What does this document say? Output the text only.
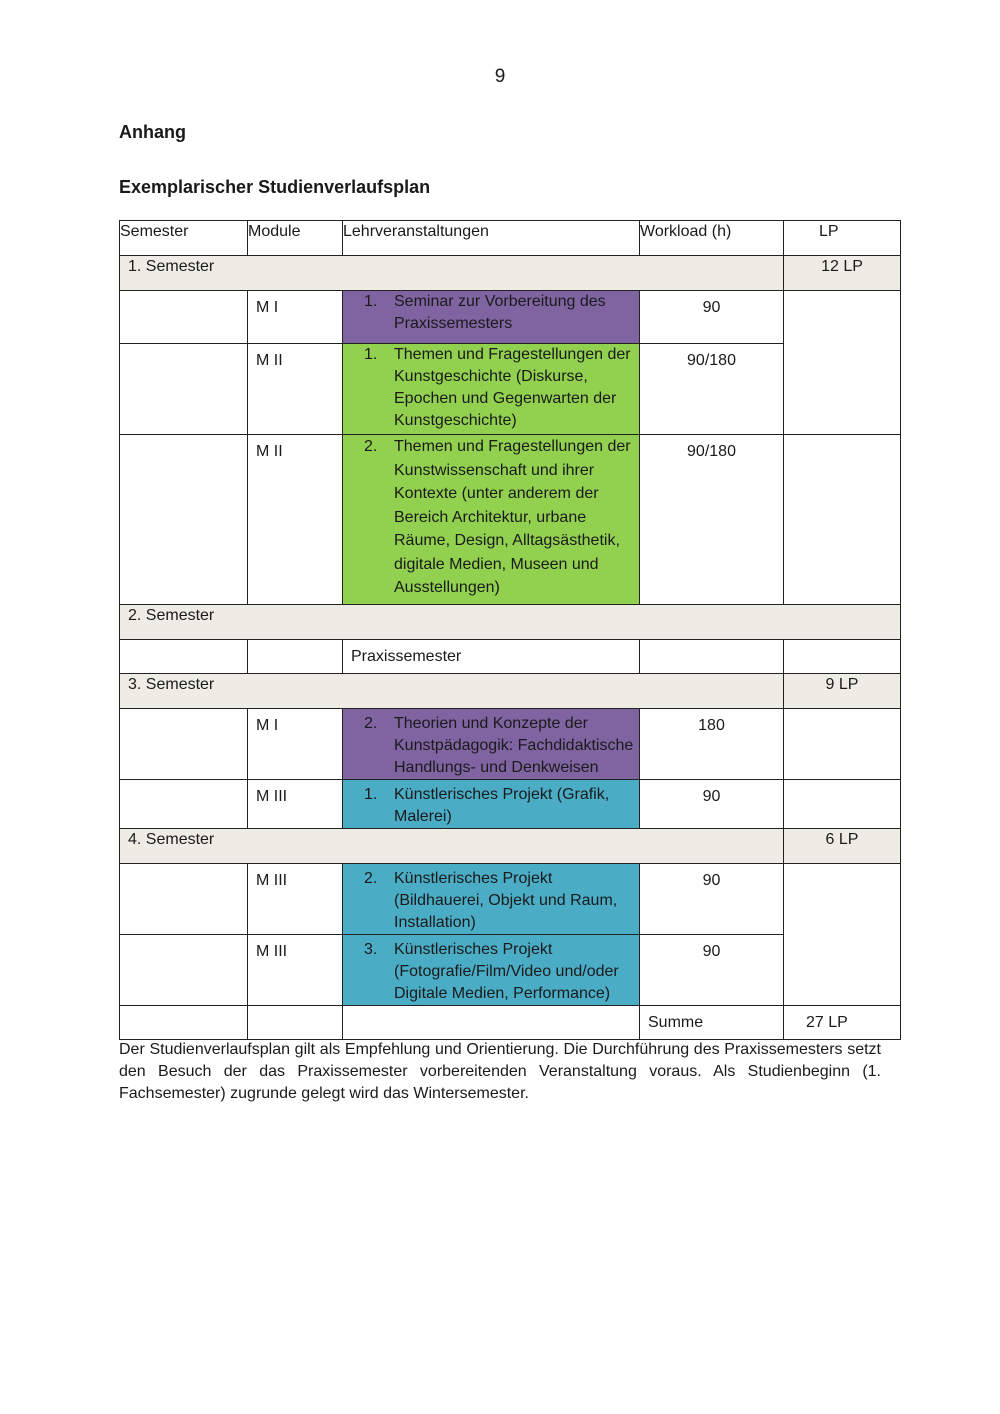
9
Anhang
Exemplarischer Studienverlaufsplan
Semester	Module	Lehrveranstaltungen	Workload (h)	LP
1. Semester				12 LP
	M I	1. Seminar zur Vorbereitung des Praxissemesters	90	
	M II	1. Themen und Fragestellungen der Kunstgeschichte (Diskurse, Epochen und Gegenwarten der Kunstgeschichte)	90/180	
	M II	2. Themen und Fragestellungen der Kunstwissenschaft und ihrer Kontexte (unter anderem der Bereich Architektur, urbane Räume, Design, Alltagsästhetik, digitale Medien, Museen und Ausstellungen)	90/180	
2. Semester				
		Praxissemester		
3. Semester				9 LP
	M I	2. Theorien und Konzepte der Kunstpädagogik: Fachdidaktische Handlungs- und Denkweisen	180	
	M III	1. Künstlerisches Projekt (Grafik, Malerei)	90	
4. Semester				6 LP
	M III	2. Künstlerisches Projekt (Bildhauerei, Objekt und Raum, Installation)	90	
	M III	3. Künstlerisches Projekt (Fotografie/Film/Video und/oder Digitale Medien, Performance)	90	
			Summe	27 LP
Der Studienverlaufsplan gilt als Empfehlung und Orientierung. Die Durchführung des Praxissemesters setzt den Besuch der das Praxissemester vorbereitenden Veranstaltung voraus. Als Studienbeginn (1. Fachsemester) zugrunde gelegt wird das Wintersemester.
